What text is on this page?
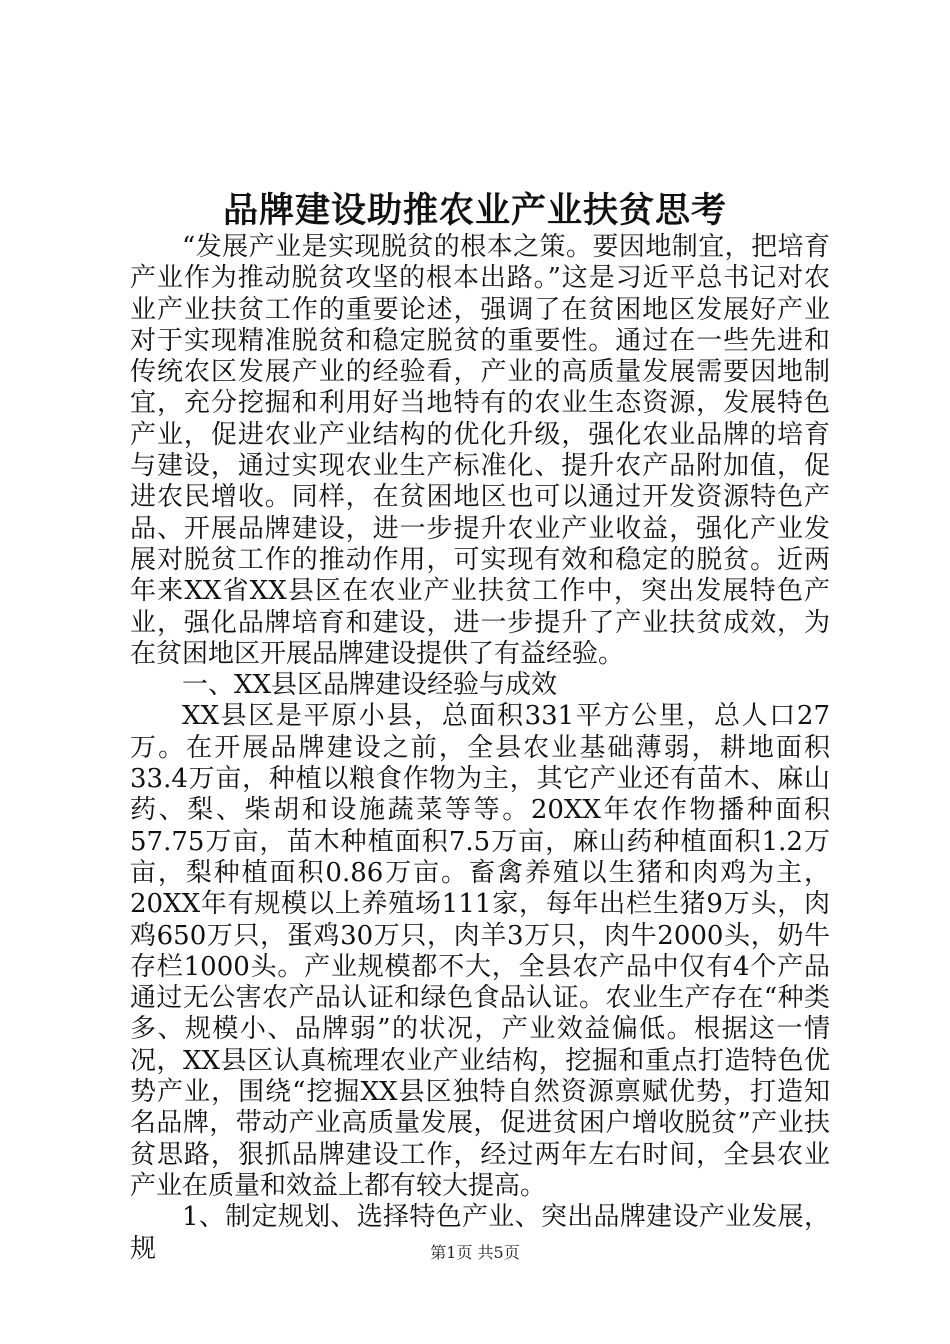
品牌建设助推农业产业扶贫思考

“发展产业是实现脱贫的根本之策。要因地制宜，把培育产业作为推动脱贫攻坚的根本出路。”这是习近平总书记对农业产业扶贫工作的重要论述，强调了在贫困地区发展好产业对于实现精准脱贫和稳定脱贫的重要性。通过在一些先进和传统农区发展产业的经验看，产业的高质量发展需要因地制宜，充分挖掘和利用好当地特有的农业生态资源，发展特色产业，促进农业产业结构的优化升级，强化农业品牌的培育与建设，通过实现农业生产标准化、提升农产品附加值，促进农民增收。同样，在贫困地区也可以通过开发资源特色产品、开展品牌建设，进一步提升农业产业收益，强化产业发展对脱贫工作的推动作用，可实现有效和稳定的脱贫。近两年来XX省XX县区在农业产业扶贫工作中，突出发展特色产业，强化品牌培育和建设，进一步提升了产业扶贫成效，为在贫困地区开展品牌建设提供了有益经验。

一、XX县区品牌建设经验与成效

XX县区是平原小县，总面积331平方公里，总人口27万。在开展品牌建设之前，全县农业基础薄弱，耕地面积33.4万亩，种植以粮食作物为主，其它产业还有苗木、麻山药、梨、柴胡和设施蔬菜等等。20XX年农作物播种面积57.75万亩，苗木种植面积7.5万亩，麻山药种植面积1.2万亩，梨种植面积0.86万亩。畜禽养殖以生猪和肉鸡为主，20XX年有规模以上养殖场111家，每年出栏生猪9万头，肉鸡650万只，蛋鸡30万只，肉羊3万只，肉牛2000头，奶牛存栏1000头。产业规模都不大，全县农产品中仅有4个产品通过无公害农产品认证和绿色食品认证。农业生产存在“种类多、规模小、品牌弱”的状况，产业效益偏低。根据这一情况，XX县区认真梳理农业产业结构，挖掘和重点打造特色优势产业，围绕“挖掘XX县区独特自然资源禀赋优势，打造知名品牌，带动产业高质量发展，促进贫困户增收脱贫”产业扶贫思路，狠抓品牌建设工作，经过两年左右时间，全县农业产业在质量和效益上都有较大提高。

1、制定规划、选择特色产业、突出品牌建设产业发展，规	第1页 共5页
